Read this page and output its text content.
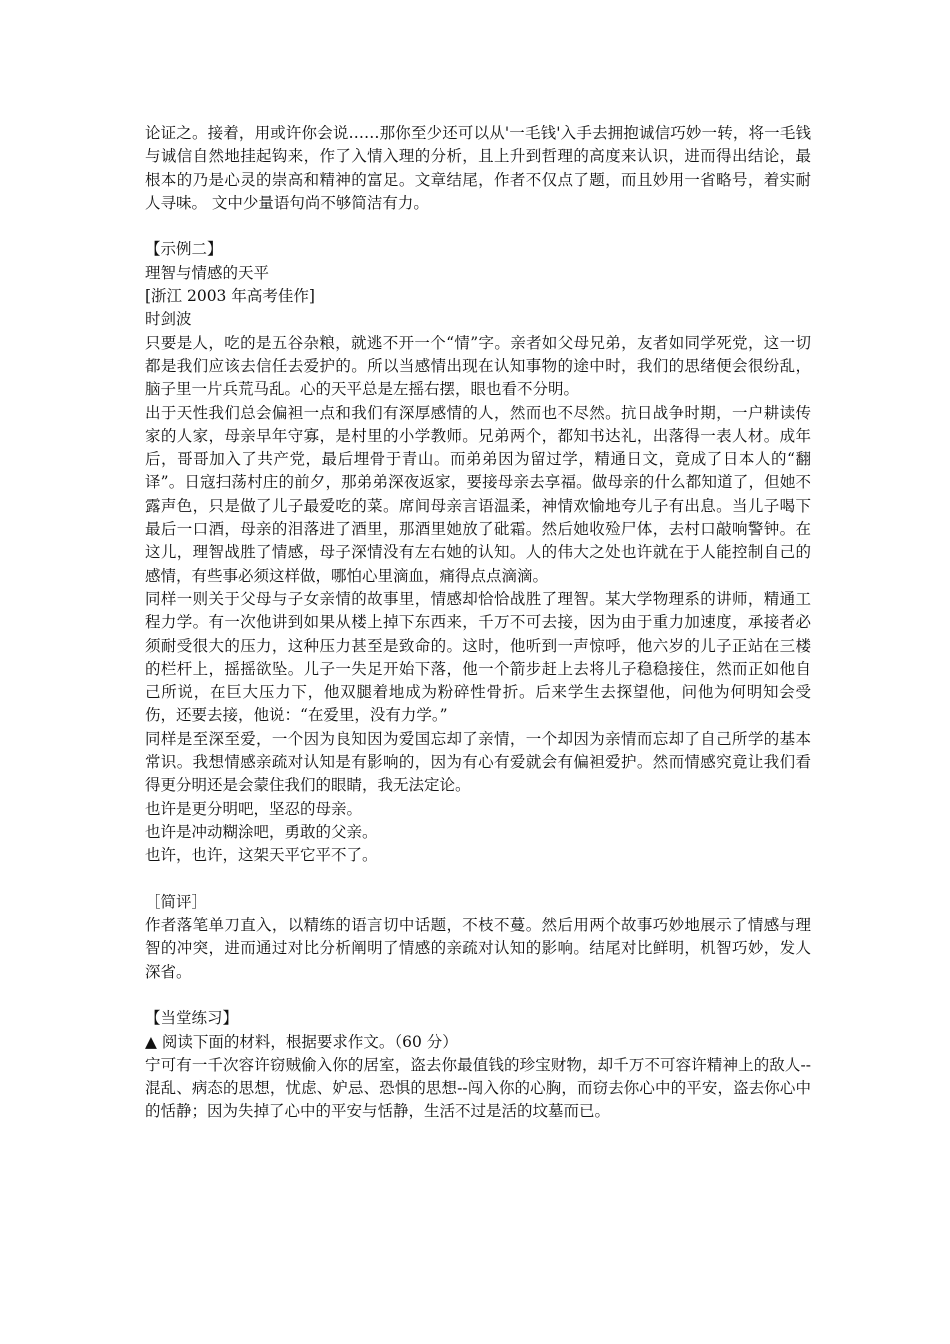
论证之。接着，用或许你会说……那你至少还可以从'一毛钱'入手去拥抱诚信巧妙一转，将一毛钱与诚信自然地挂起钩来，作了入情入理的分析，且上升到哲理的高度来认识，进而得出结论，最根本的乃是心灵的崇高和精神的富足。文章结尾，作者不仅点了题，而且妙用一省略号，着实耐人寻味。 文中少量语句尚不够简洁有力。

【示例二】

理智与情感的天平

[浙江 2003 年高考佳作]

时剑波

只要是人，吃的是五谷杂粮，就逃不开一个“情”字。亲者如父母兄弟，友者如同学死党，这一切都是我们应该去信任去爱护的。所以当感情出现在认知事物的途中时，我们的思绪便会很纷乱，脑子里一片兵荒马乱。心的天平总是左摇右摆，眼也看不分明。

出于天性我们总会偏袒一点和我们有深厚感情的人，然而也不尽然。抗日战争时期，一户耕读传家的人家，母亲早年守寡，是村里的小学教师。兄弟两个，都知书达礼，出落得一表人材。成年后，哥哥加入了共产党，最后埋骨于青山。而弟弟因为留过学，精通日文，竟成了日本人的“翻译”。日寇扫荡村庄的前夕，那弟弟深夜返家，要接母亲去享福。做母亲的什么都知道了，但她不露声色，只是做了儿子最爱吃的菜。席间母亲言语温柔，神情欢愉地夸儿子有出息。当儿子喝下最后一口酒，母亲的泪落进了酒里，那酒里她放了砒霜。然后她收殓尸体，去村口敲响警钟。在这儿，理智战胜了情感，母子深情没有左右她的认知。人的伟大之处也许就在于人能控制自己的感情，有些事必须这样做，哪怕心里滴血，痛得点点滴滴。

同样一则关于父母与子女亲情的故事里，情感却恰恰战胜了理智。某大学物理系的讲师，精通工程力学。有一次他讲到如果从楼上掉下东西来，千万不可去接，因为由于重力加速度，承接者必须耐受很大的压力，这种压力甚至是致命的。这时，他听到一声惊呼，他六岁的儿子正站在三楼的栏杆上，摇摇欲坠。儿子一失足开始下落，他一个箭步赶上去将儿子稳稳接住，然而正如他自己所说，在巨大压力下，他双腿着地成为粉碎性骨折。后来学生去探望他，问他为何明知会受伤，还要去接，他说：“在爱里，没有力学。”

同样是至深至爱，一个因为良知因为爱国忘却了亲情，一个却因为亲情而忘却了自己所学的基本常识。我想情感亲疏对认知是有影响的，因为有心有爱就会有偏袒爱护。然而情感究竟让我们看得更分明还是会蒙住我们的眼睛，我无法定论。

也许是更分明吧，坚忍的母亲。

也许是冲动糊涂吧，勇敢的父亲。

也许，也许，这架天平它平不了。

［简评］

作者落笔单刀直入，以精练的语言切中话题，不枝不蔓。然后用两个故事巧妙地展示了情感与理智的冲突，进而通过对比分析阐明了情感的亲疏对认知的影响。结尾对比鲜明，机智巧妙，发人深省。

【当堂练习】

▲ 阅读下面的材料，根据要求作文。（60 分）

宁可有一千次容许窃贼偷入你的居室，盗去你最值钱的珍宝财物，却千万不可容许精神上的敌人--混乱、病态的思想，忧虑、妒忌、恐惧的思想--闯入你的心胸，而窃去你心中的平安，盗去你心中的恬静；因为失掉了心中的平安与恬静，生活不过是活的坟墓而已。
